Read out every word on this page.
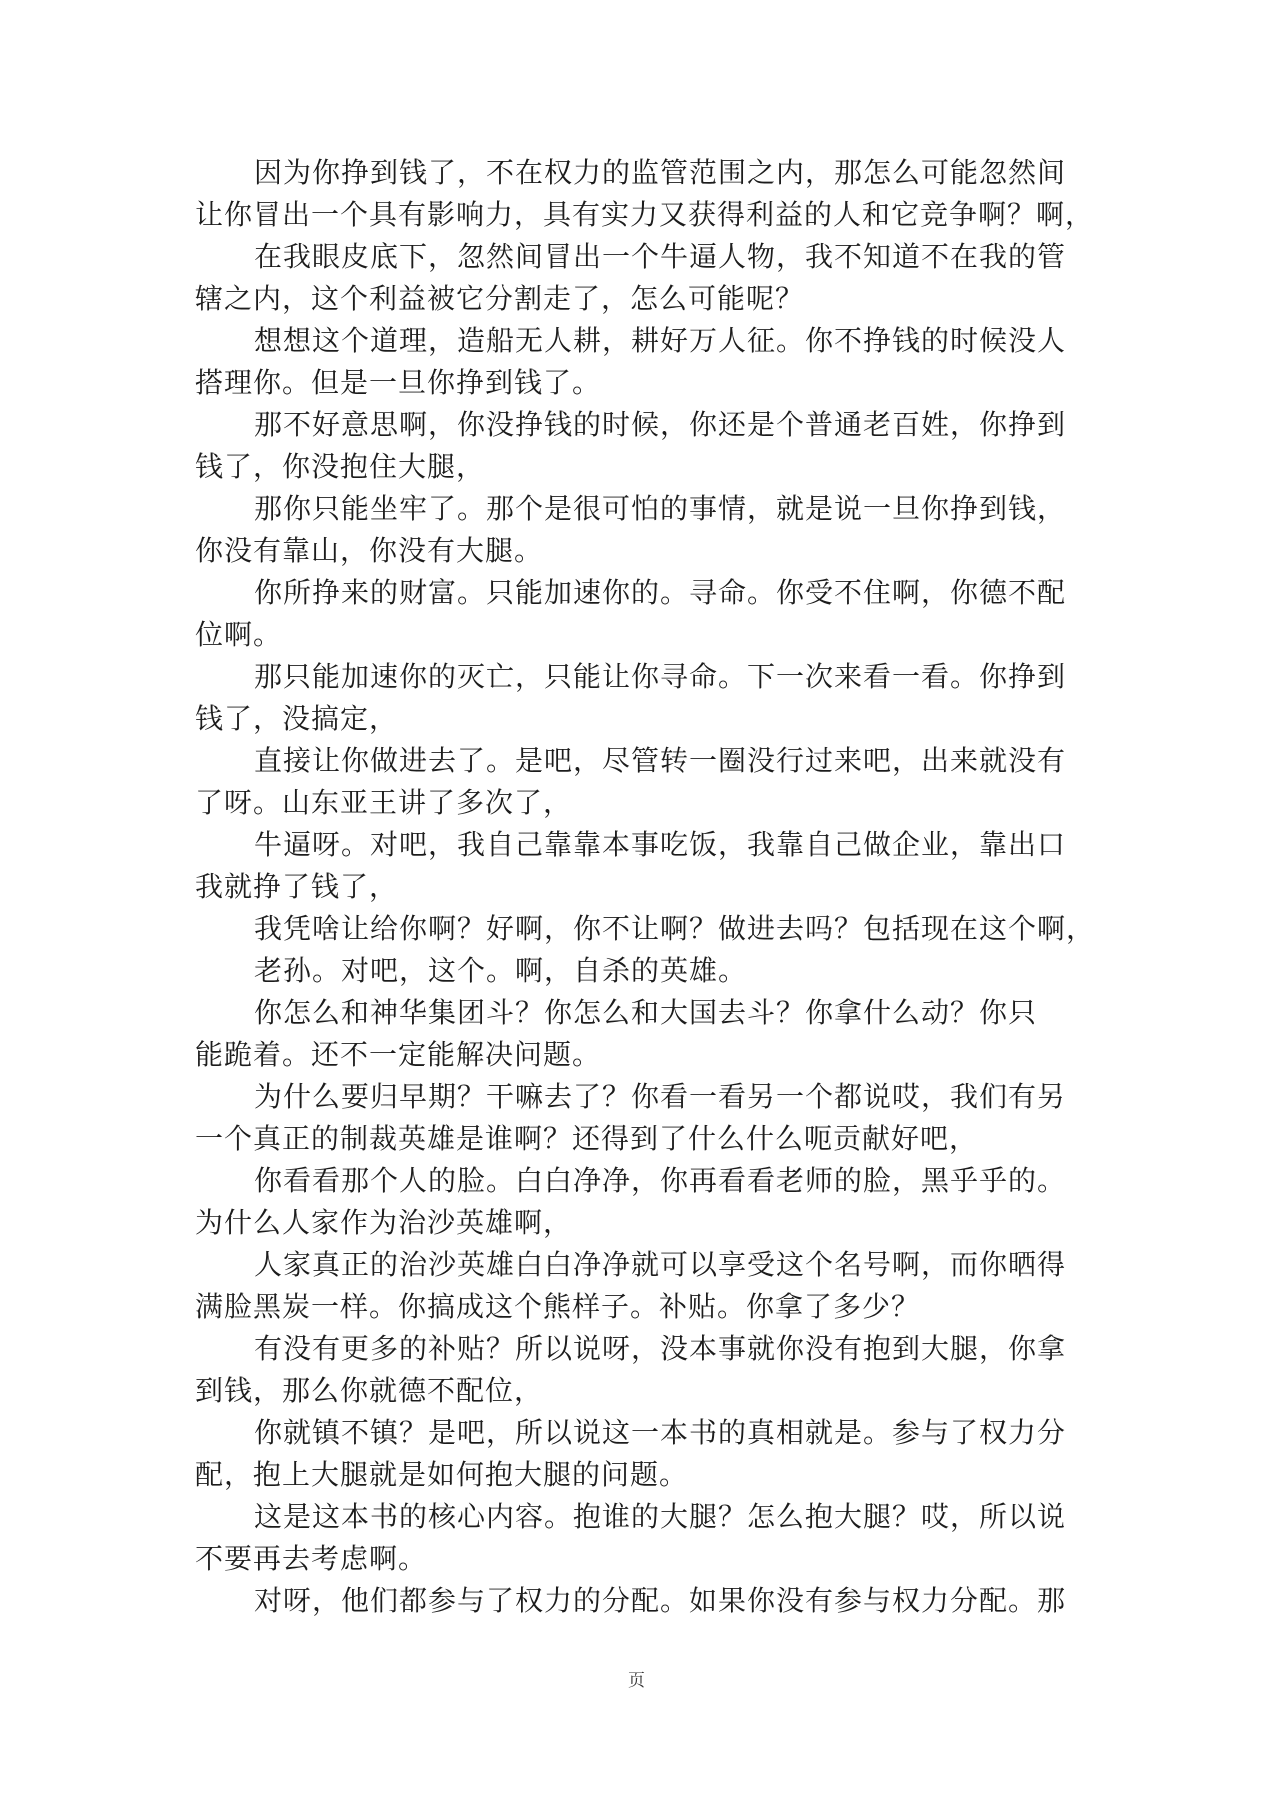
因为你挣到钱了，不在权力的监管范围之内，那怎么可能忽然间
让你冒出一个具有影响力，具有实力又获得利益的人和它竞争啊？啊，

在我眼皮底下，忽然间冒出一个牛逼人物，我不知道不在我的管
辖之内，这个利益被它分割走了，怎么可能呢？

想想这个道理，造船无人耕，耕好万人征。你不挣钱的时候没人
搭理你。但是一旦你挣到钱了。

那不好意思啊，你没挣钱的时候，你还是个普通老百姓，你挣到
钱了，你没抱住大腿，

那你只能坐牢了。那个是很可怕的事情，就是说一旦你挣到钱，
你没有靠山，你没有大腿。

你所挣来的财富。只能加速你的。寻命。你受不住啊，你德不配
位啊。

那只能加速你的灭亡，只能让你寻命。下一次来看一看。你挣到
钱了，没搞定，

直接让你做进去了。是吧，尽管转一圈没行过来吧，出来就没有
了呀。山东亚王讲了多次了，

牛逼呀。对吧，我自己靠靠本事吃饭，我靠自己做企业，靠出口
我就挣了钱了，

我凭啥让给你啊？好啊，你不让啊？做进去吗？包括现在这个啊，

老孙。对吧，这个。啊，自杀的英雄。

你怎么和神华集团斗？你怎么和大国去斗？你拿什么动？你只
能跪着。还不一定能解决问题。

为什么要归早期？干嘛去了？你看一看另一个都说哎，我们有另
一个真正的制裁英雄是谁啊？还得到了什么什么呃贡献好吧，

你看看那个人的脸。白白净净，你再看看老师的脸，黑乎乎的。
为什么人家作为治沙英雄啊，

人家真正的治沙英雄白白净净就可以享受这个名号啊，而你晒得
满脸黑炭一样。你搞成这个熊样子。补贴。你拿了多少？

有没有更多的补贴？所以说呀，没本事就你没有抱到大腿，你拿
到钱，那么你就德不配位，

你就镇不镇？是吧，所以说这一本书的真相就是。参与了权力分
配，抱上大腿就是如何抱大腿的问题。

这是这本书的核心内容。抱谁的大腿？怎么抱大腿？哎，所以说
不要再去考虑啊。

对呀，他们都参与了权力的分配。如果你没有参与权力分配。那

页
